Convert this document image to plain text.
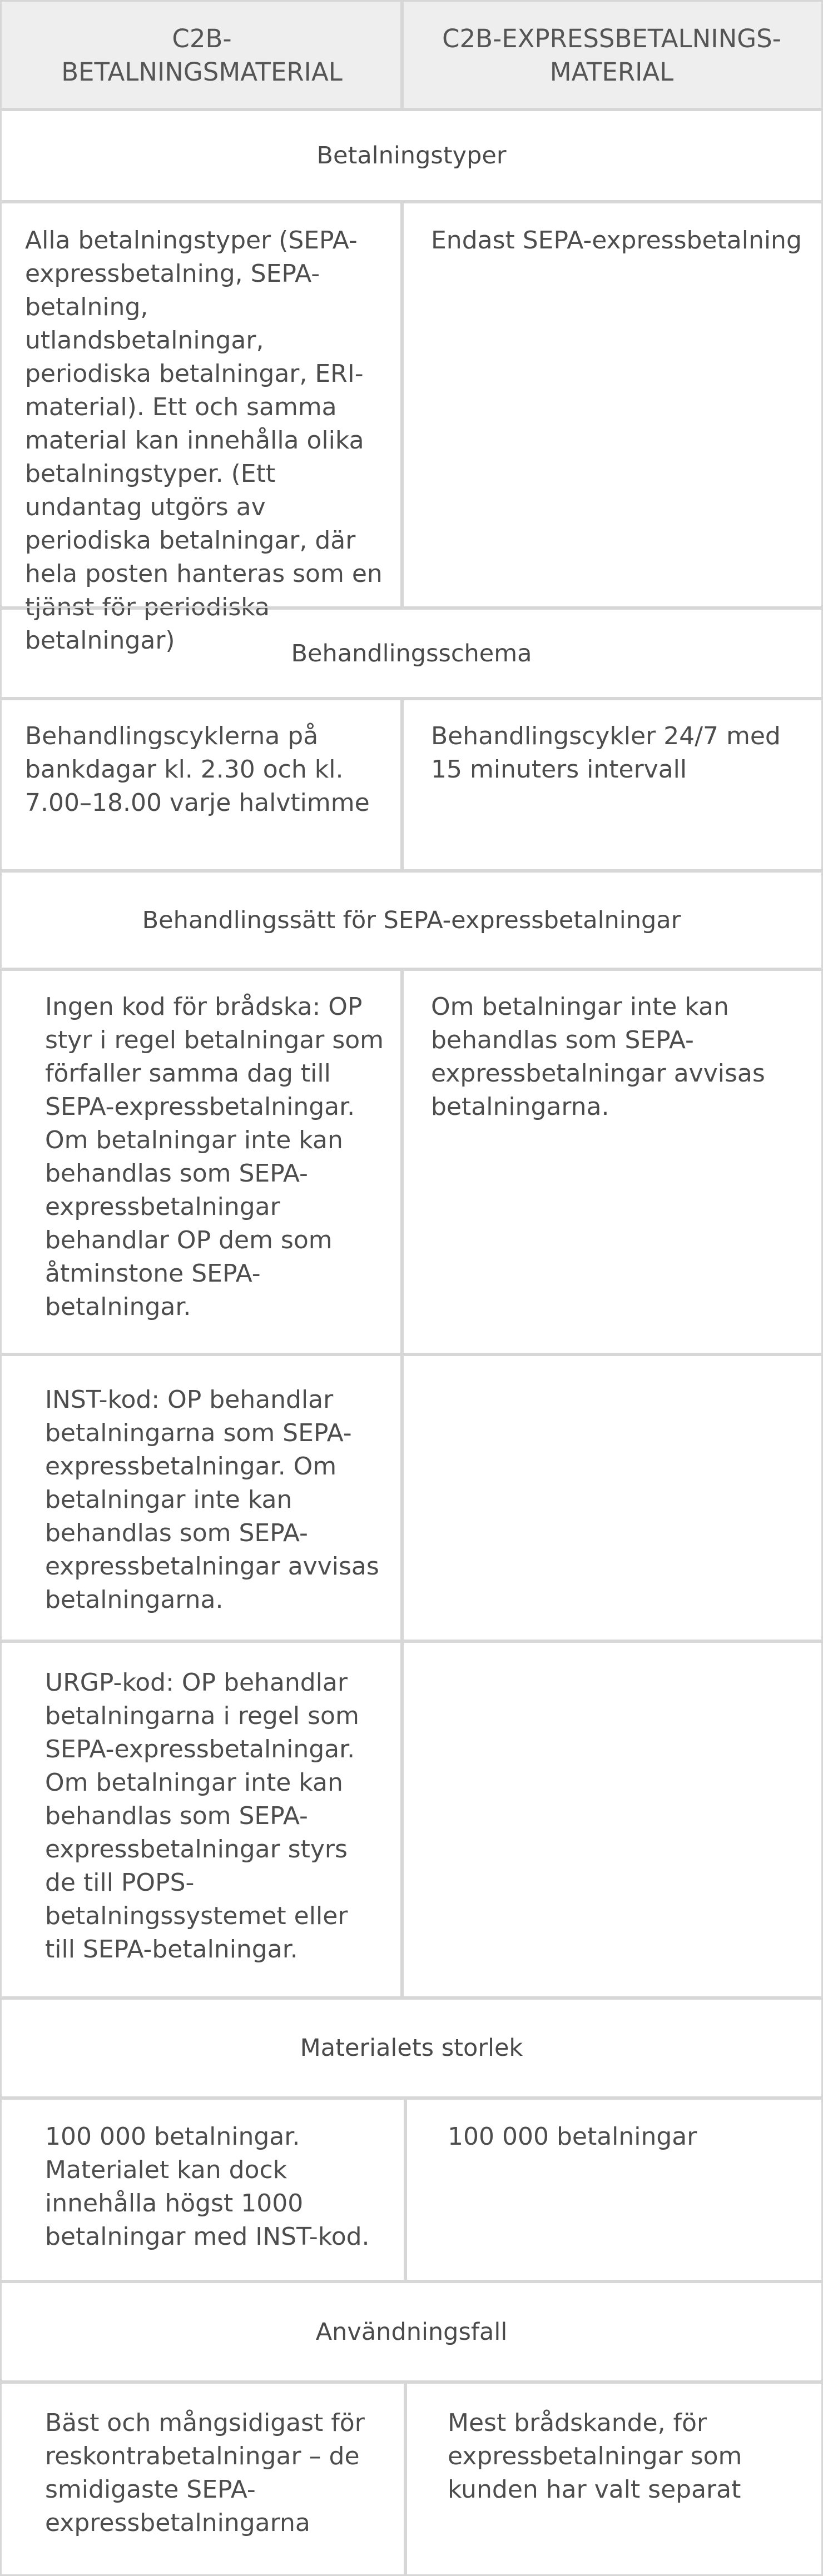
C2B-BETALNINGSMATERIAL
C2B-EXPRESSBETALNINGS-MATERIAL
Betalningstyper

Alla betalningstyper (SEPA-expressbetalning, SEPA-betalning, utlandsbetalningar, periodiska betalningar, ERI-material). Ett och samma material kan innehålla olika betalningstyper. (Ett undantag utgörs av periodiska betalningar, där hela posten hanteras som en tjänst för periodiska betalningar)

Endast SEPA-expressbetalning

Behandlingsschema

Behandlingscyklerna på bankdagar kl. 2.30 och kl. 7.00–18.00 varje halvtimme

Behandlingscykler 24/7 med 15 minuters intervall

Behandlingssätt för SEPA-expressbetalningar

Ingen kod för brådska: OP styr i regel betalningar som förfaller samma dag till SEPA-expressbetalningar. Om betalningar inte kan behandlas som SEPA-expressbetalningar behandlar OP dem som åtminstone SEPA-betalningar.

Om betalningar inte kan behandlas som SEPA-expressbetalningar avvisas betalningarna.

INST-kod: OP behandlar betalningarna som SEPA-expressbetalningar. Om betalningar inte kan behandlas som SEPA-expressbetalningar avvisas betalningarna.

URGP-kod: OP behandlar betalningarna i regel som SEPA-expressbetalningar. Om betalningar inte kan behandlas som SEPA-expressbetalningar styrs de till POPS-betalningssystemet eller till SEPA-betalningar.

Materialets storlek

100 000 betalningar. Materialet kan dock innehålla högst 1000 betalningar med INST-kod.

100 000 betalningar

Användningsfall

Bäst och mångsidigast för reskontrabetalningar – de smidigaste SEPA-expressbetalningarna

Mest brådskande, för expressbetalningar som kunden har valt separat
